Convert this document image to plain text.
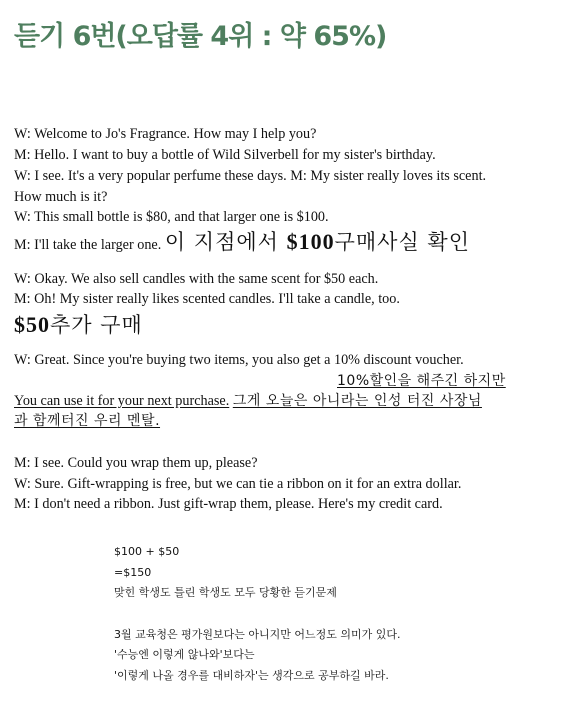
듣기 6번(오답률 4위 : 약 65%)
W: Welcome to Jo's Fragrance. How may I help you?
M: Hello. I want to buy a bottle of Wild Silverbell for my sister's birthday.
W: I see. It's a very popular perfume these days. M: My sister really loves its scent.
How much is it?
W: This small bottle is $80, and that larger one is $100.
M: I'll take the larger one. 이 지점에서 $100구매사실 확인
W: Okay. We also sell candles with the same scent for $50 each.
M: Oh! My sister really likes scented candles. I'll take a candle, too.
$50추가 구매
W: Great. Since you're buying two items, you also get a 10% discount voucher.
10%할인을 해주긴 하지만
You can use it for your next purchase. 그게 오늘은 아니라는 인성 터진 사장님
과 함께터진 우리 멘탈.
M: I see. Could you wrap them up, please?
W: Sure. Gift-wrapping is free, but we can tie a ribbon on it for an extra dollar.
M: I don't need a ribbon. Just gift-wrap them, please. Here's my credit card.
$100 + $50
=$150
맞힌 학생도 틀린 학생도 모두 당황한 듣기문제
3월 교육청은 평가원보다는 아니지만 어느정도 의미가 있다.
'수능엔 이렇게 않나와'보다는
'이렇게 나올 경우를 대비하자'는 생각으로 공부하길 바라.
